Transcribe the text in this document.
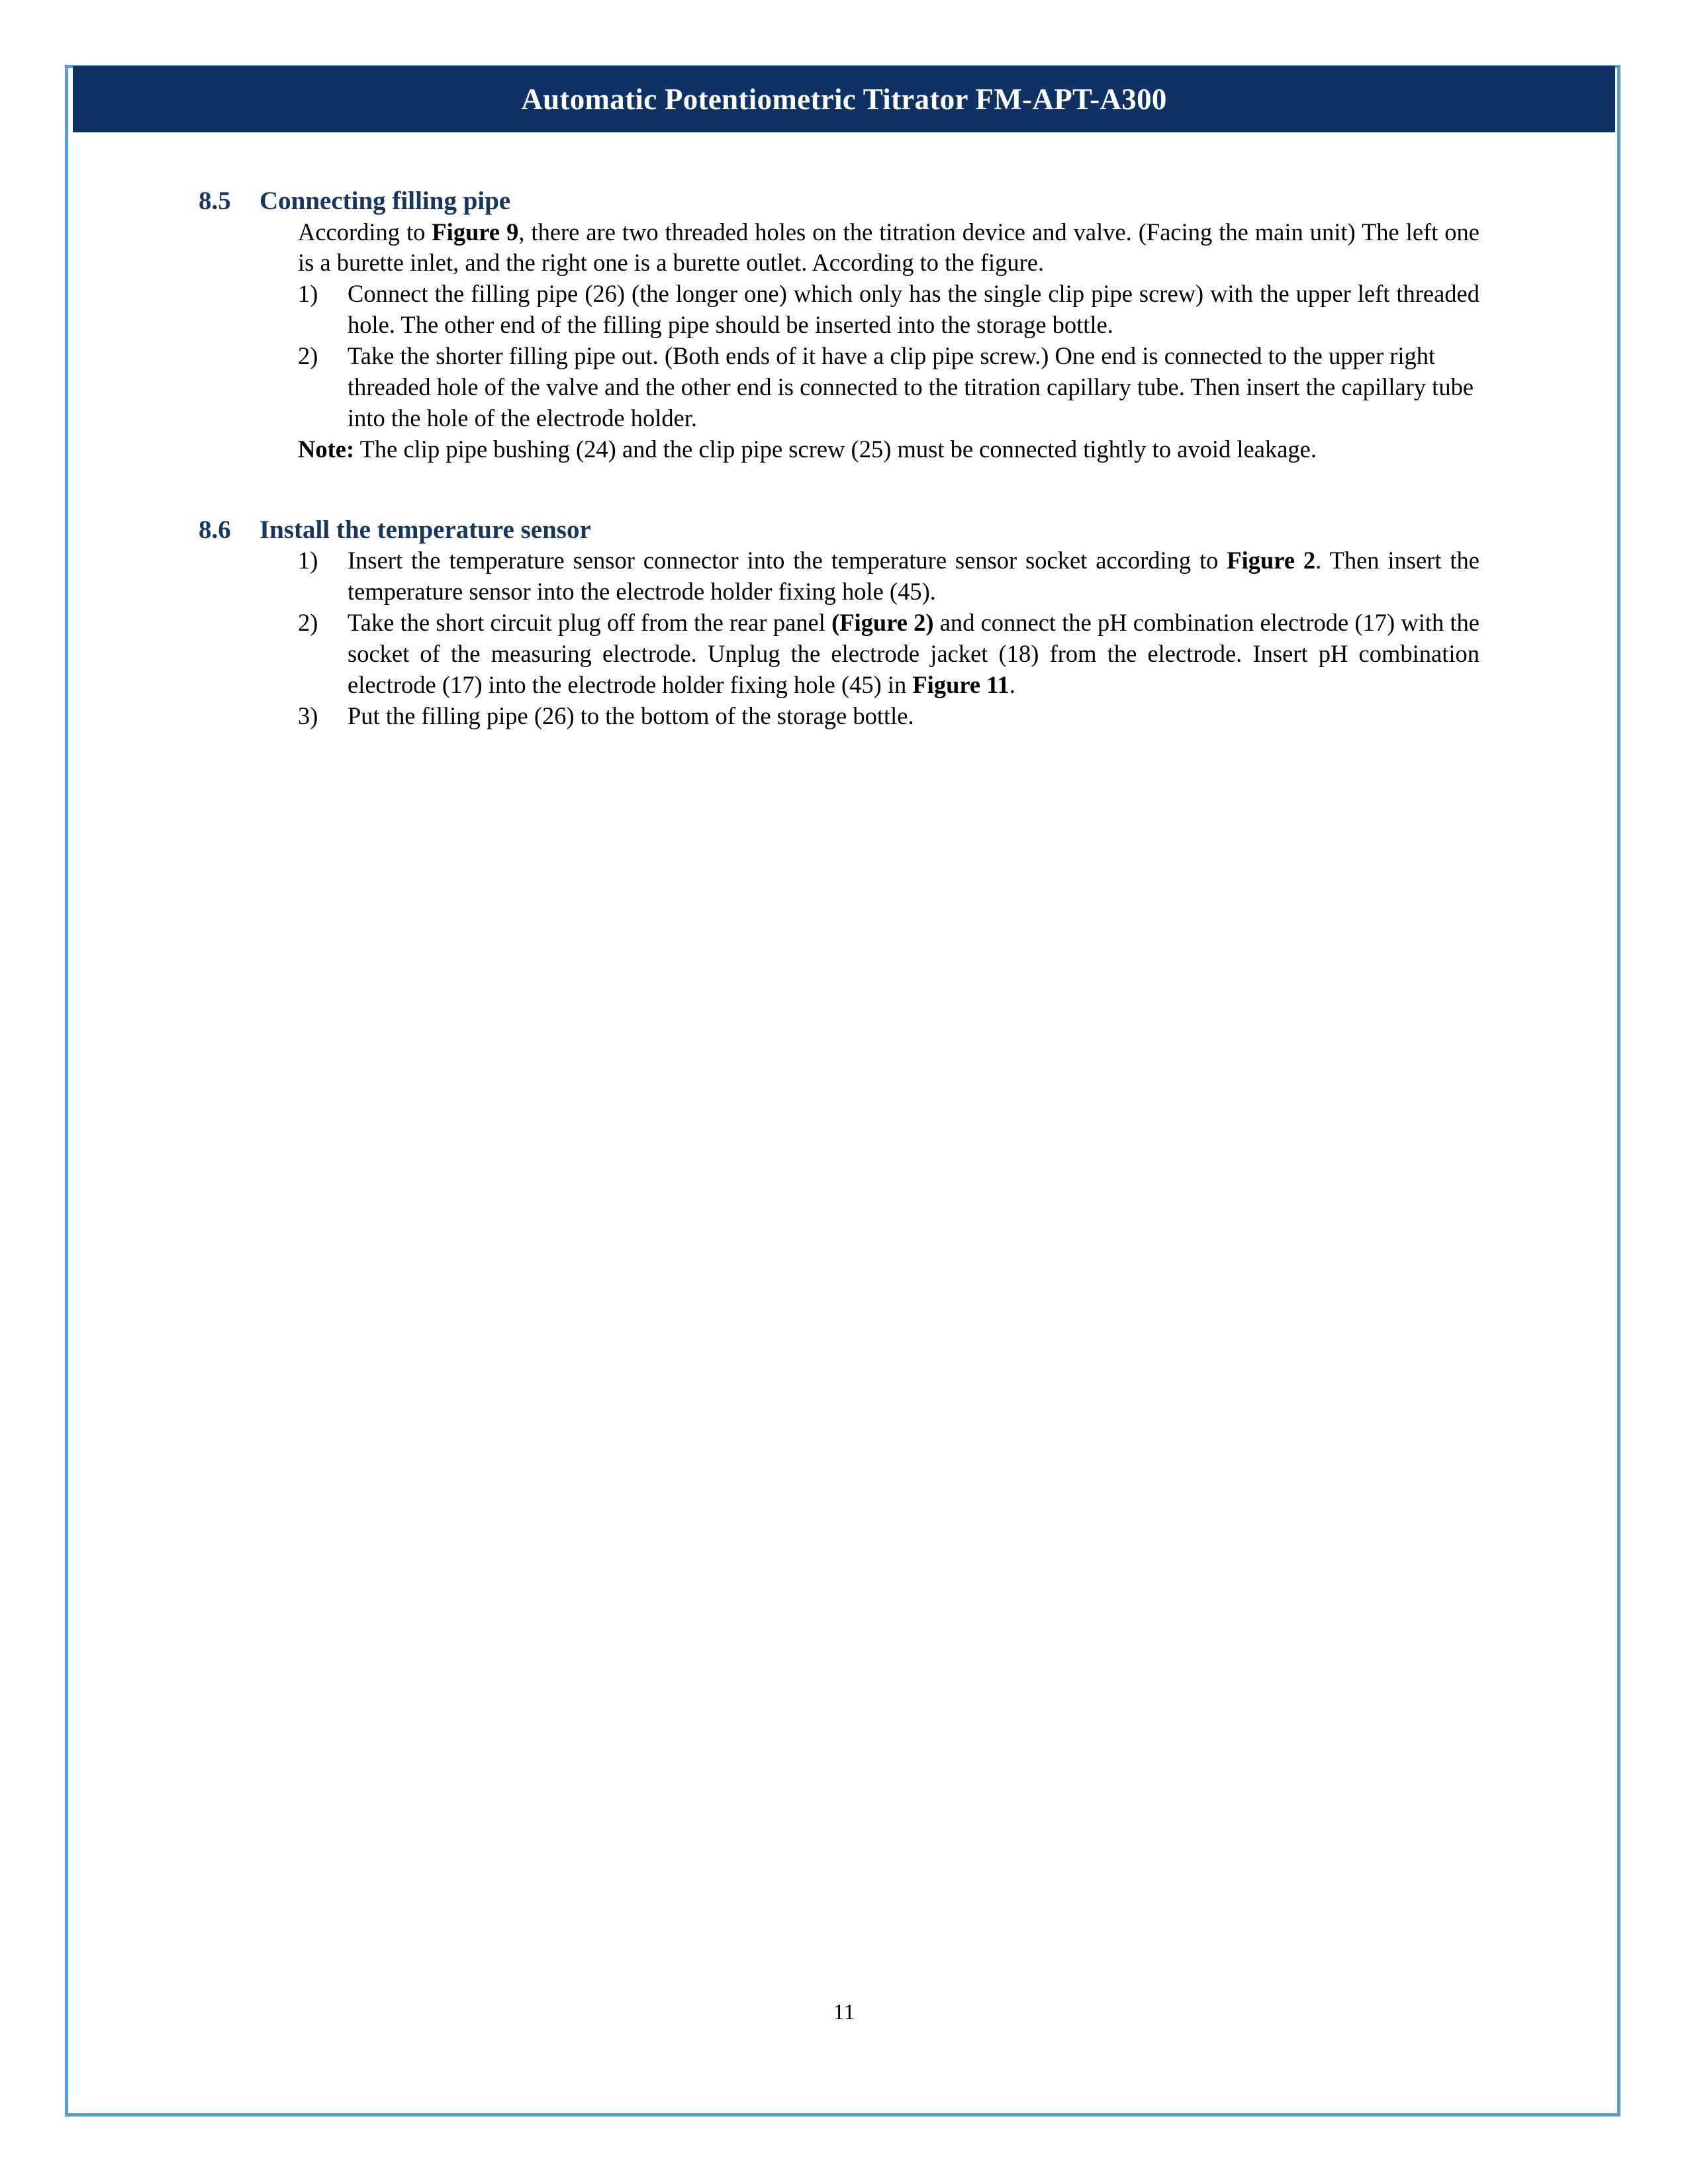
Automatic Potentiometric Titrator FM-APT-A300
8.5	Connecting filling pipe

According to Figure 9, there are two threaded holes on the titration device and valve. (Facing the main unit) The left one is a burette inlet, and the right one is a burette outlet. According to the figure.

1)	Connect the filling pipe (26) (the longer one) which only has the single clip pipe screw) with the upper left threaded hole. The other end of the filling pipe should be inserted into the storage bottle.
2)	Take the shorter filling pipe out. (Both ends of it have a clip pipe screw.) One end is connected to the upper right threaded hole of the valve and the other end is connected to the titration capillary tube. Then insert the capillary tube into the hole of the electrode holder.

Note: The clip pipe bushing (24) and the clip pipe screw (25) must be connected tightly to avoid leakage.

8.6	Install the temperature sensor
1)	Insert the temperature sensor connector into the temperature sensor socket according to Figure 2. Then insert the temperature sensor into the electrode holder fixing hole (45).
2)	Take the short circuit plug off from the rear panel (Figure 2) and connect the pH combination electrode (17) with the socket of the measuring electrode. Unplug the electrode jacket (18) from the electrode. Insert pH combination electrode (17) into the electrode holder fixing hole (45) in Figure 11.
3)	Put the filling pipe (26) to the bottom of the storage bottle.
11
